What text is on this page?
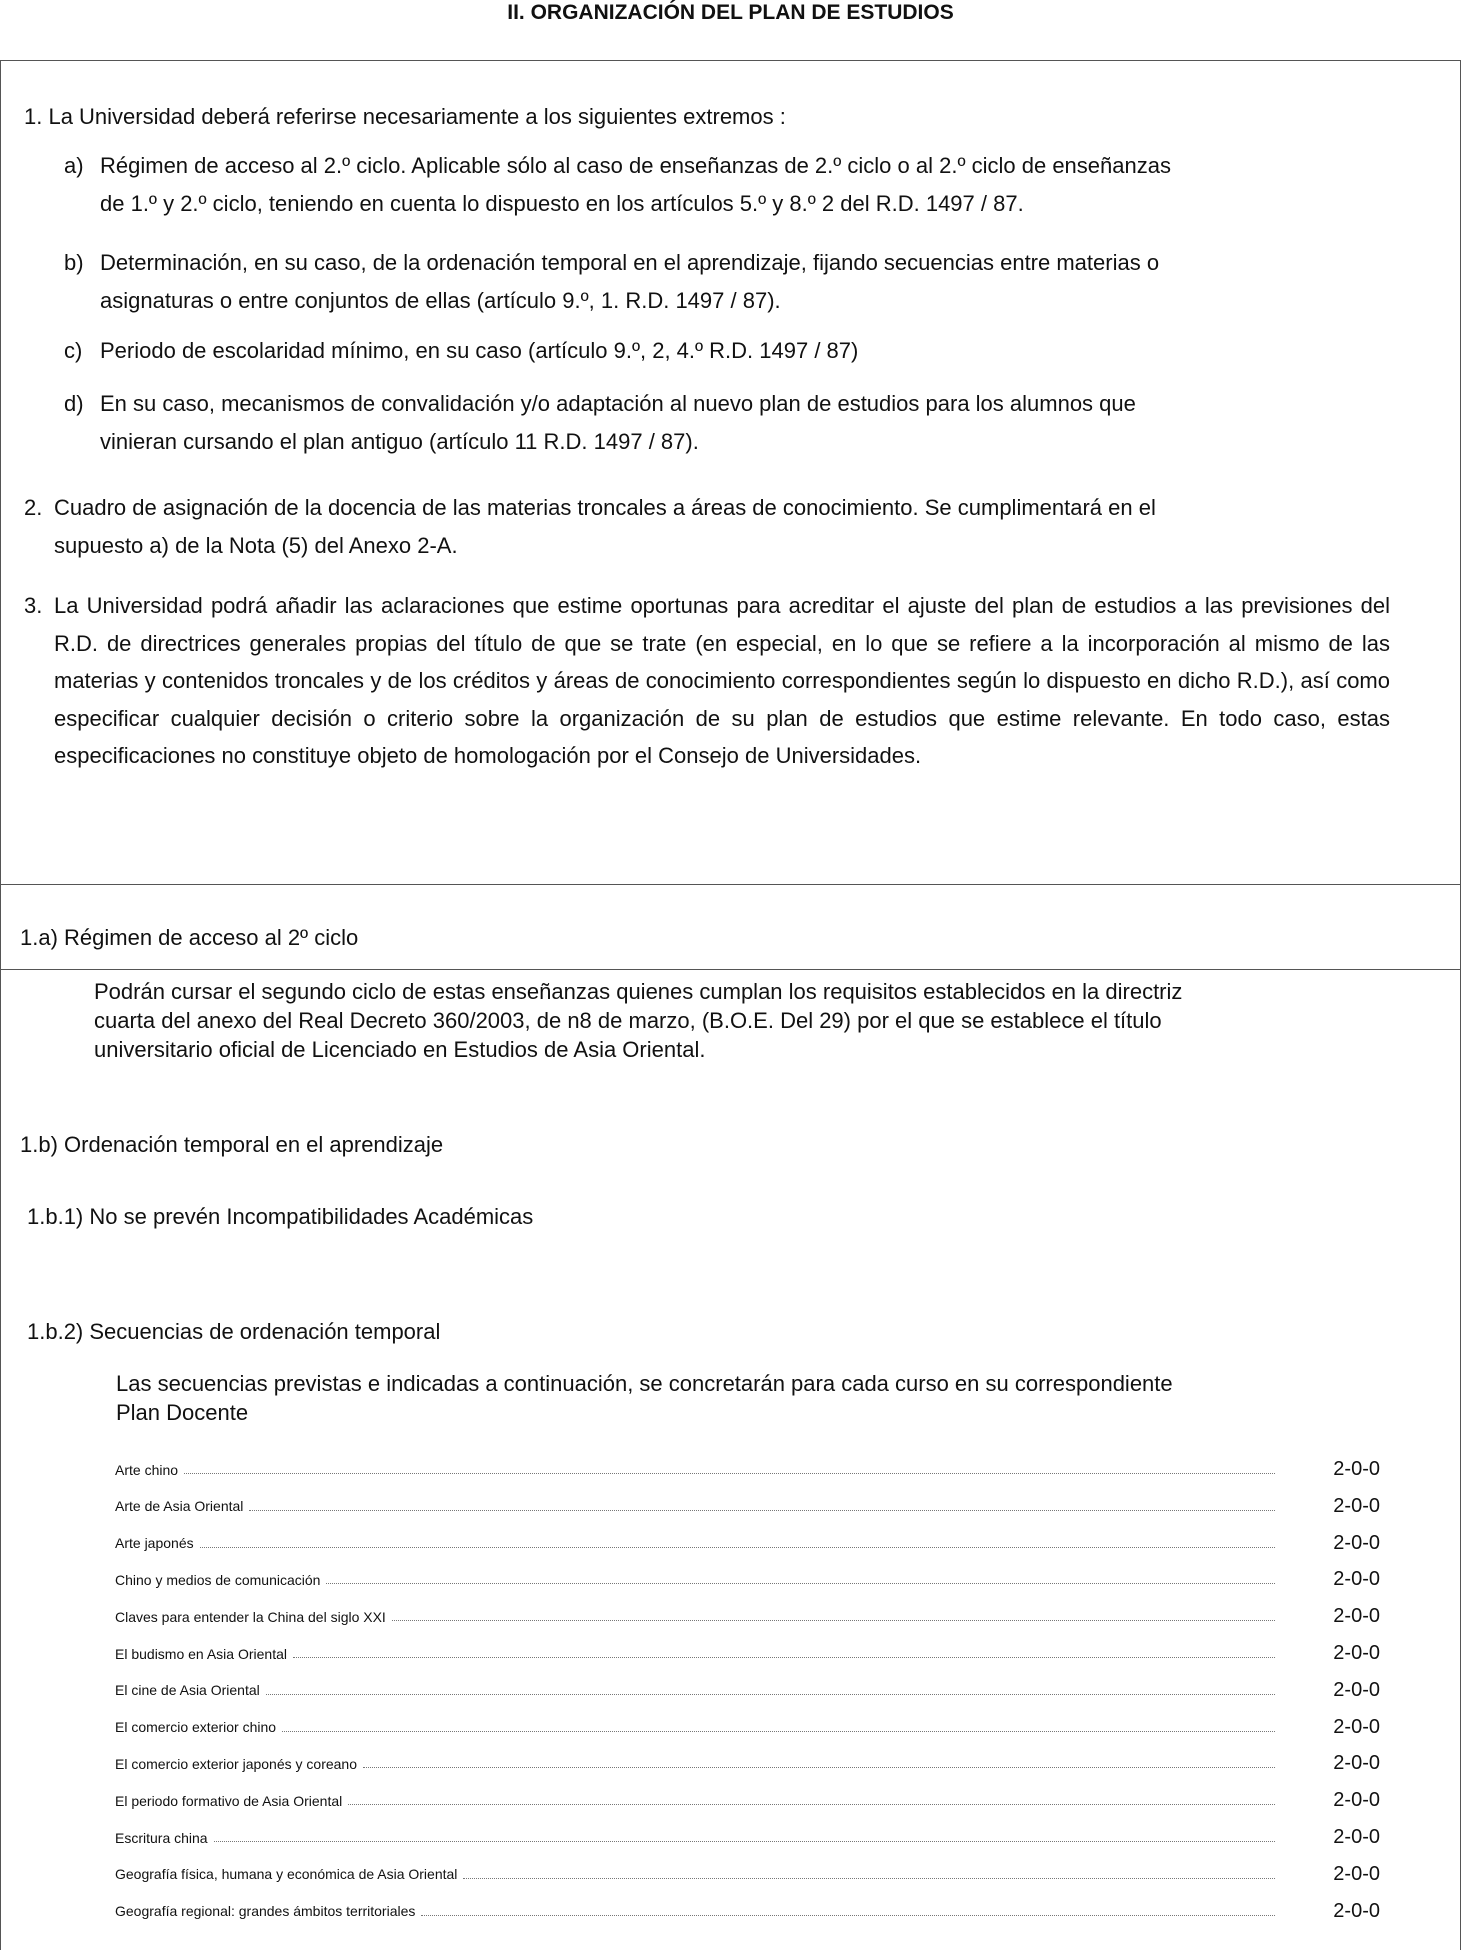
II. ORGANIZACIÓN DEL PLAN DE ESTUDIOS
1. La Universidad deberá referirse necesariamente a los siguientes extremos :
a) Régimen de acceso al 2.º ciclo. Aplicable sólo al caso de enseñanzas de 2.º ciclo o al 2.º ciclo de enseñanzas
de 1.º y 2.º ciclo, teniendo en cuenta lo dispuesto en los artículos 5.º y 8.º 2 del R.D. 1497 / 87.
b) Determinación, en su caso, de la ordenación temporal en el aprendizaje, fijando secuencias entre materias o
asignaturas o entre conjuntos de ellas (artículo 9.º, 1. R.D. 1497 / 87).
c) Periodo de escolaridad mínimo, en su caso (artículo 9.º, 2, 4.º R.D. 1497 / 87)
d) En su caso, mecanismos de convalidación y/o adaptación al nuevo plan de estudios para los alumnos que
vinieran cursando el plan antiguo (artículo 11 R.D. 1497 / 87).
2. Cuadro de asignación de la docencia de las materias troncales a áreas de conocimiento. Se cumplimentará en el
supuesto a) de la Nota (5) del Anexo 2-A.
3. La Universidad podrá añadir las aclaraciones que estime oportunas para acreditar el ajuste del plan de estudios a las previsiones del R.D. de directrices generales propias del título de que se trate (en especial, en lo que se refiere a la incorporación al mismo de las materias y contenidos troncales y de los créditos y áreas de conocimiento correspondientes según lo dispuesto en dicho R.D.), así como especificar cualquier decisión o criterio sobre la organización de su plan de estudios que estime relevante. En todo caso, estas especificaciones no constituye objeto de homologación por el Consejo de Universidades.
1.a) Régimen de acceso al 2º ciclo
Podrán cursar el segundo ciclo de estas enseñanzas quienes cumplan los requisitos establecidos en la directriz
cuarta del anexo del Real Decreto 360/2003, de n8 de marzo, (B.O.E. Del 29) por el que se establece el título
universitario oficial de Licenciado en Estudios de Asia Oriental.
1.b) Ordenación temporal en el aprendizaje
1.b.1) No se prevén Incompatibilidades Académicas
1.b.2) Secuencias de ordenación temporal
Las secuencias previstas e indicadas a continuación, se concretarán para cada curso en su correspondiente
Plan Docente
Arte chino	2-0-0
Arte de Asia Oriental	2-0-0
Arte japonés	2-0-0
Chino y medios de comunicación	2-0-0
Claves para entender la China del siglo XXI	2-0-0
El budismo en Asia Oriental	2-0-0
El cine de Asia Oriental	2-0-0
El comercio exterior chino	2-0-0
El comercio exterior japonés y coreano	2-0-0
El periodo formativo de Asia Oriental	2-0-0
Escritura china	2-0-0
Geografía física, humana y económica de Asia Oriental	2-0-0
Geografía regional: grandes ámbitos territoriales	2-0-0
